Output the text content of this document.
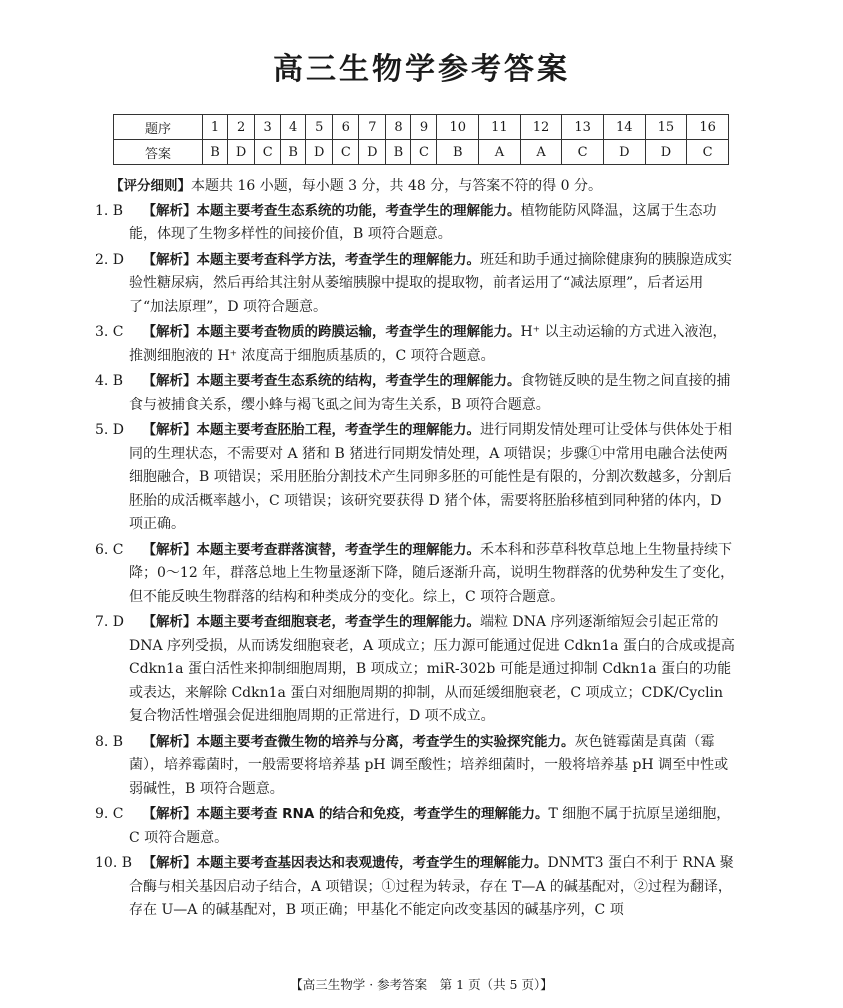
高三生物学参考答案
题序	1	2	3	4	5	6	7	8	9	10	11	12	13	14	15	16
答案	B	D	C	B	D	C	D	B	C	B	A	A	C	D	D	C
【评分细则】本题共 16 小题，每小题 3 分，共 48 分，与答案不符的得 0 分。
1. B 【解析】本题主要考查生态系统的功能，考查学生的理解能力。植物能防风降温，这属于生态功能，体现了生物多样性的间接价值，B 项符合题意。
2. D 【解析】本题主要考查科学方法，考查学生的理解能力。班廷和助手通过摘除健康狗的胰腺造成实验性糖尿病，然后再给其注射从萎缩胰腺中提取的提取物，前者运用了“减法原理”，后者运用了“加法原理”，D 项符合题意。
3. C 【解析】本题主要考查物质的跨膜运输，考查学生的理解能力。H⁺ 以主动运输的方式进入液泡，推测细胞液的 H⁺ 浓度高于细胞质基质的，C 项符合题意。
4. B 【解析】本题主要考查生态系统的结构，考查学生的理解能力。食物链反映的是生物之间直接的捕食与被捕食关系，缨小蜂与褐飞虱之间为寄生关系，B 项符合题意。
5. D 【解析】本题主要考查胚胎工程，考查学生的理解能力。进行同期发情处理可让受体与供体处于相同的生理状态，不需要对 A 猪和 B 猪进行同期发情处理，A 项错误；步骤①中常用电融合法使两细胞融合，B 项错误；采用胚胎分割技术产生同卵多胚的可能性是有限的，分割次数越多，分割后胚胎的成活概率越小，C 项错误；该研究要获得 D 猪个体，需要将胚胎移植到同种猪的体内，D 项正确。
6. C 【解析】本题主要考查群落演替，考查学生的理解能力。禾本科和莎草科牧草总地上生物量持续下降；0～12 年，群落总地上生物量逐渐下降，随后逐渐升高，说明生物群落的优势种发生了变化，但不能反映生物群落的结构和种类成分的变化。综上，C 项符合题意。
7. D 【解析】本题主要考查细胞衰老，考查学生的理解能力。端粒 DNA 序列逐渐缩短会引起正常的 DNA 序列受损，从而诱发细胞衰老，A 项成立；压力源可能通过促进 Cdkn1a 蛋白的合成或提高 Cdkn1a 蛋白活性来抑制细胞周期，B 项成立；miR-302b 可能是通过抑制 Cdkn1a 蛋白的功能或表达，来解除 Cdkn1a 蛋白对细胞周期的抑制，从而延缓细胞衰老，C 项成立；CDK/Cyclin 复合物活性增强会促进细胞周期的正常进行，D 项不成立。
8. B 【解析】本题主要考查微生物的培养与分离，考查学生的实验探究能力。灰色链霉菌是真菌（霉菌），培养霉菌时，一般需要将培养基 pH 调至酸性；培养细菌时，一般将培养基 pH 调至中性或弱碱性，B 项符合题意。
9. C 【解析】本题主要考查 RNA 的结合和免疫，考查学生的理解能力。T 细胞不属于抗原呈递细胞，C 项符合题意。
10. B 【解析】本题主要考查基因表达和表观遗传，考查学生的理解能力。DNMT3 蛋白不利于 RNA 聚合酶与相关基因启动子结合，A 项错误；①过程为转录，存在 T—A 的碱基配对，②过程为翻译，存在 U—A 的碱基配对，B 项正确；甲基化不能定向改变基因的碱基序列，C 项
【高三生物学 · 参考答案　第 1 页（共 5 页）】
